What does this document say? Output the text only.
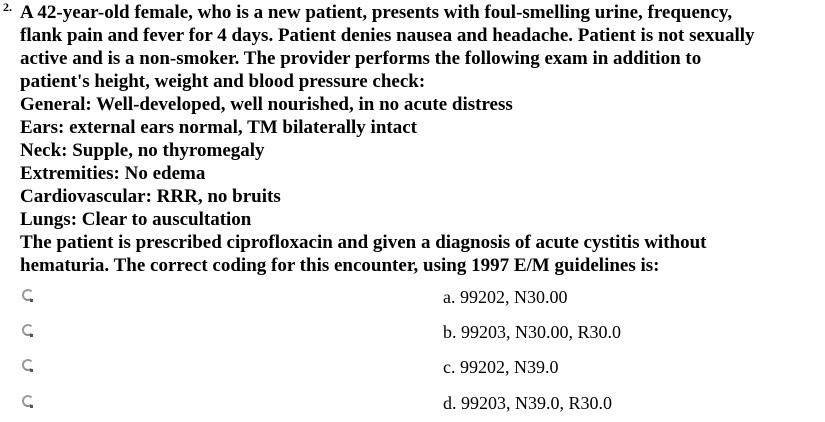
2. A 42-year-old female, who is a new patient, presents with foul-smelling urine, frequency,
flank pain and fever for 4 days. Patient denies nausea and headache. Patient is not sexually
active and is a non-smoker. The provider performs the following exam in addition to
patient's height, weight and blood pressure check:
General: Well-developed, well nourished, in no acute distress
Ears: external ears normal, TM bilaterally intact
Neck: Supple, no thyromegaly
Extremities: No edema
Cardiovascular: RRR, no bruits
Lungs: Clear to auscultation
The patient is prescribed ciprofloxacin and given a diagnosis of acute cystitis without
hematuria. The correct coding for this encounter, using 1997 E/M guidelines is:
a. 99202, N30.00
b. 99203, N30.00, R30.0
c. 99202, N39.0
d. 99203, N39.0, R30.0
